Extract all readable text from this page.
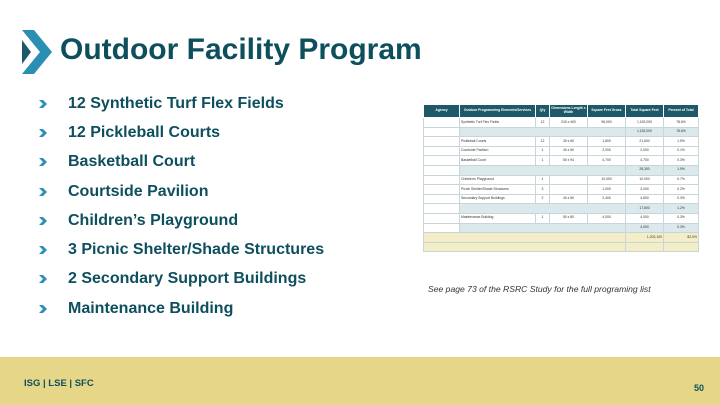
Outdoor Facility Program
12 Synthetic Turf Flex Fields
12 Pickleball Courts
Basketball Court
Courtside Pavilion
Children’s Playground
3 Picnic Shelter/Shade Structures
2 Secondary Support Buildings
Maintenance Building
Agency	Outdoor Programming Elements/Services	Qty	Dimensions Length x Width	Square Feet Gross	Total Square Feet	Percent of Total
	Synthetic Turf Flex Fields	12	240 x 400	96,000	1,152,000	78.6%
					1,152,000	78.6%
	Pickleball Courts	12	30 x 60	1,800	21,600	1.5%
	Courtside Pavilion	1	40 x 50	2,000	2,000	0.1%
	Basketball Court	1	50 x 94	4,700	4,700	0.3%
					28,300	1.9%
	Children's Playground	1		10,000	10,000	0.7%
	Picnic Shelter/Shade Structures	3		1,000	3,000	0.2%
	Secondary Support Buildings	2	40 x 60	2,400	4,800	0.3%
					17,800	1.2%
	Maintenance Building	1	50 x 80	4,000	4,000	0.3%
					4,000	0.3%
					1,202,100	82.0%

See page 73 of the RSRC Study for the full programing list
ISG | LSE | SFC	50
